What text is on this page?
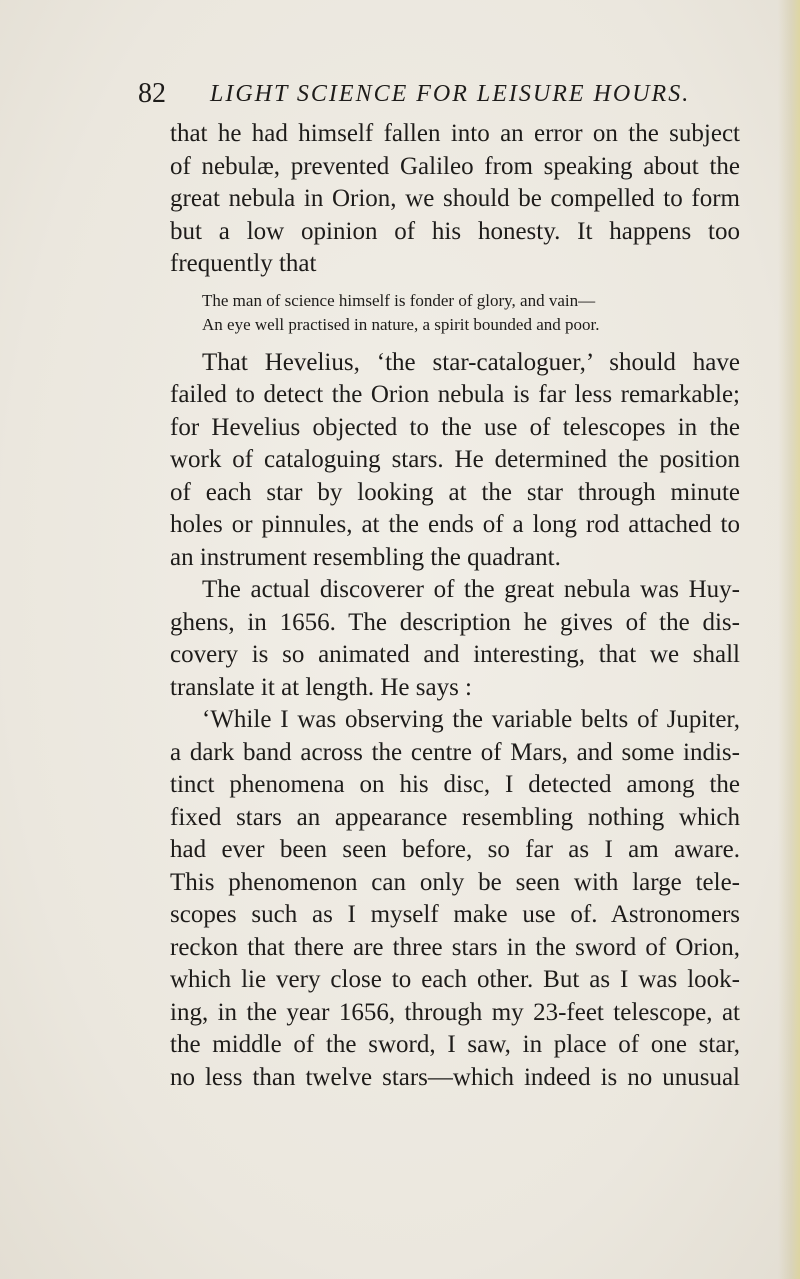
82 LIGHT SCIENCE FOR LEISURE HOURS.
that he had himself fallen into an error on the subject
of nebulæ, prevented Galileo from speaking about the
great nebula in Orion, we should be compelled to form
but a low opinion of his honesty. It happens too
frequently that
The man of science himself is fonder of glory, and vain—
An eye well practised in nature, a spirit bounded and poor.
That Hevelius, ‘the star-cataloguer,’ should have
failed to detect the Orion nebula is far less remarkable;
for Hevelius objected to the use of telescopes in the
work of cataloguing stars. He determined the position
of each star by looking at the star through minute
holes or pinnules, at the ends of a long rod attached to
an instrument resembling the quadrant.
The actual discoverer of the great nebula was Huy-
ghens, in 1656. The description he gives of the dis-
covery is so animated and interesting, that we shall
translate it at length. He says :
‘While I was observing the variable belts of Jupiter,
a dark band across the centre of Mars, and some indis-
tinct phenomena on his disc, I detected among the
fixed stars an appearance resembling nothing which
had ever been seen before, so far as I am aware.
This phenomenon can only be seen with large tele-
scopes such as I myself make use of. Astronomers
reckon that there are three stars in the sword of Orion,
which lie very close to each other. But as I was look-
ing, in the year 1656, through my 23-feet telescope, at
the middle of the sword, I saw, in place of one star,
no less than twelve stars—which indeed is no unusual
